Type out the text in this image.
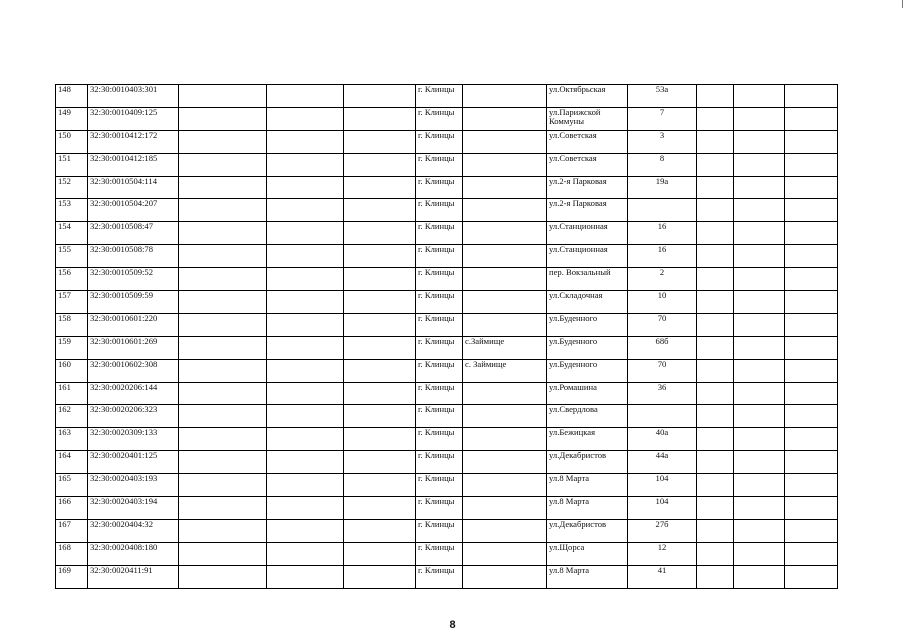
148	32:30:0010403:301				г. Клинцы		ул.Октябрьская	53а			
149	32:30:0010409:125				г. Клинцы		ул.Парижской Коммуны	7			
150	32:30:0010412:172				г. Клинцы		ул.Советская	3			
151	32:30:0010412:185				г. Клинцы		ул.Советская	8			
152	32:30:0010504:114				г. Клинцы		ул.2-я Парковая	19а			
153	32:30:0010504:207				г. Клинцы		ул.2-я Парковая				
154	32:30:0010508:47				г. Клинцы		ул.Станционная	16			
155	32:30:0010508:78				г. Клинцы		ул.Станционная	16			
156	32:30:0010509:52				г. Клинцы		пер. Вокзальный	2			
157	32:30:0010509:59				г. Клинцы		ул.Складочная	10			
158	32:30:0010601:220				г. Клинцы		ул.Буденного	70			
159	32:30:0010601:269				г. Клинцы	с.Займище	ул.Буденного	68б			
160	32:30:0010602:308				г. Клинцы	с. Займище	ул.Буденного	70			
161	32:30:0020206:144				г. Клинцы		ул.Ромашина	36			
162	32:30:0020206:323				г. Клинцы		ул.Свердлова				
163	32:30:0020309:133				г. Клинцы		ул.Бежицкая	40а			
164	32:30:0020401:125				г. Клинцы		ул.Декабристов	44а			
165	32:30:0020403:193				г. Клинцы		ул.8 Марта	104			
166	32:30:0020403:194				г. Клинцы		ул.8 Марта	104			
167	32:30:0020404:32				г. Клинцы		ул.Декабристов	27б			
168	32:30:0020408:180				г. Клинцы		ул.Щорса	12			
169	32:30:0020411:91				г. Клинцы		ул.8 Марта	41			
8
